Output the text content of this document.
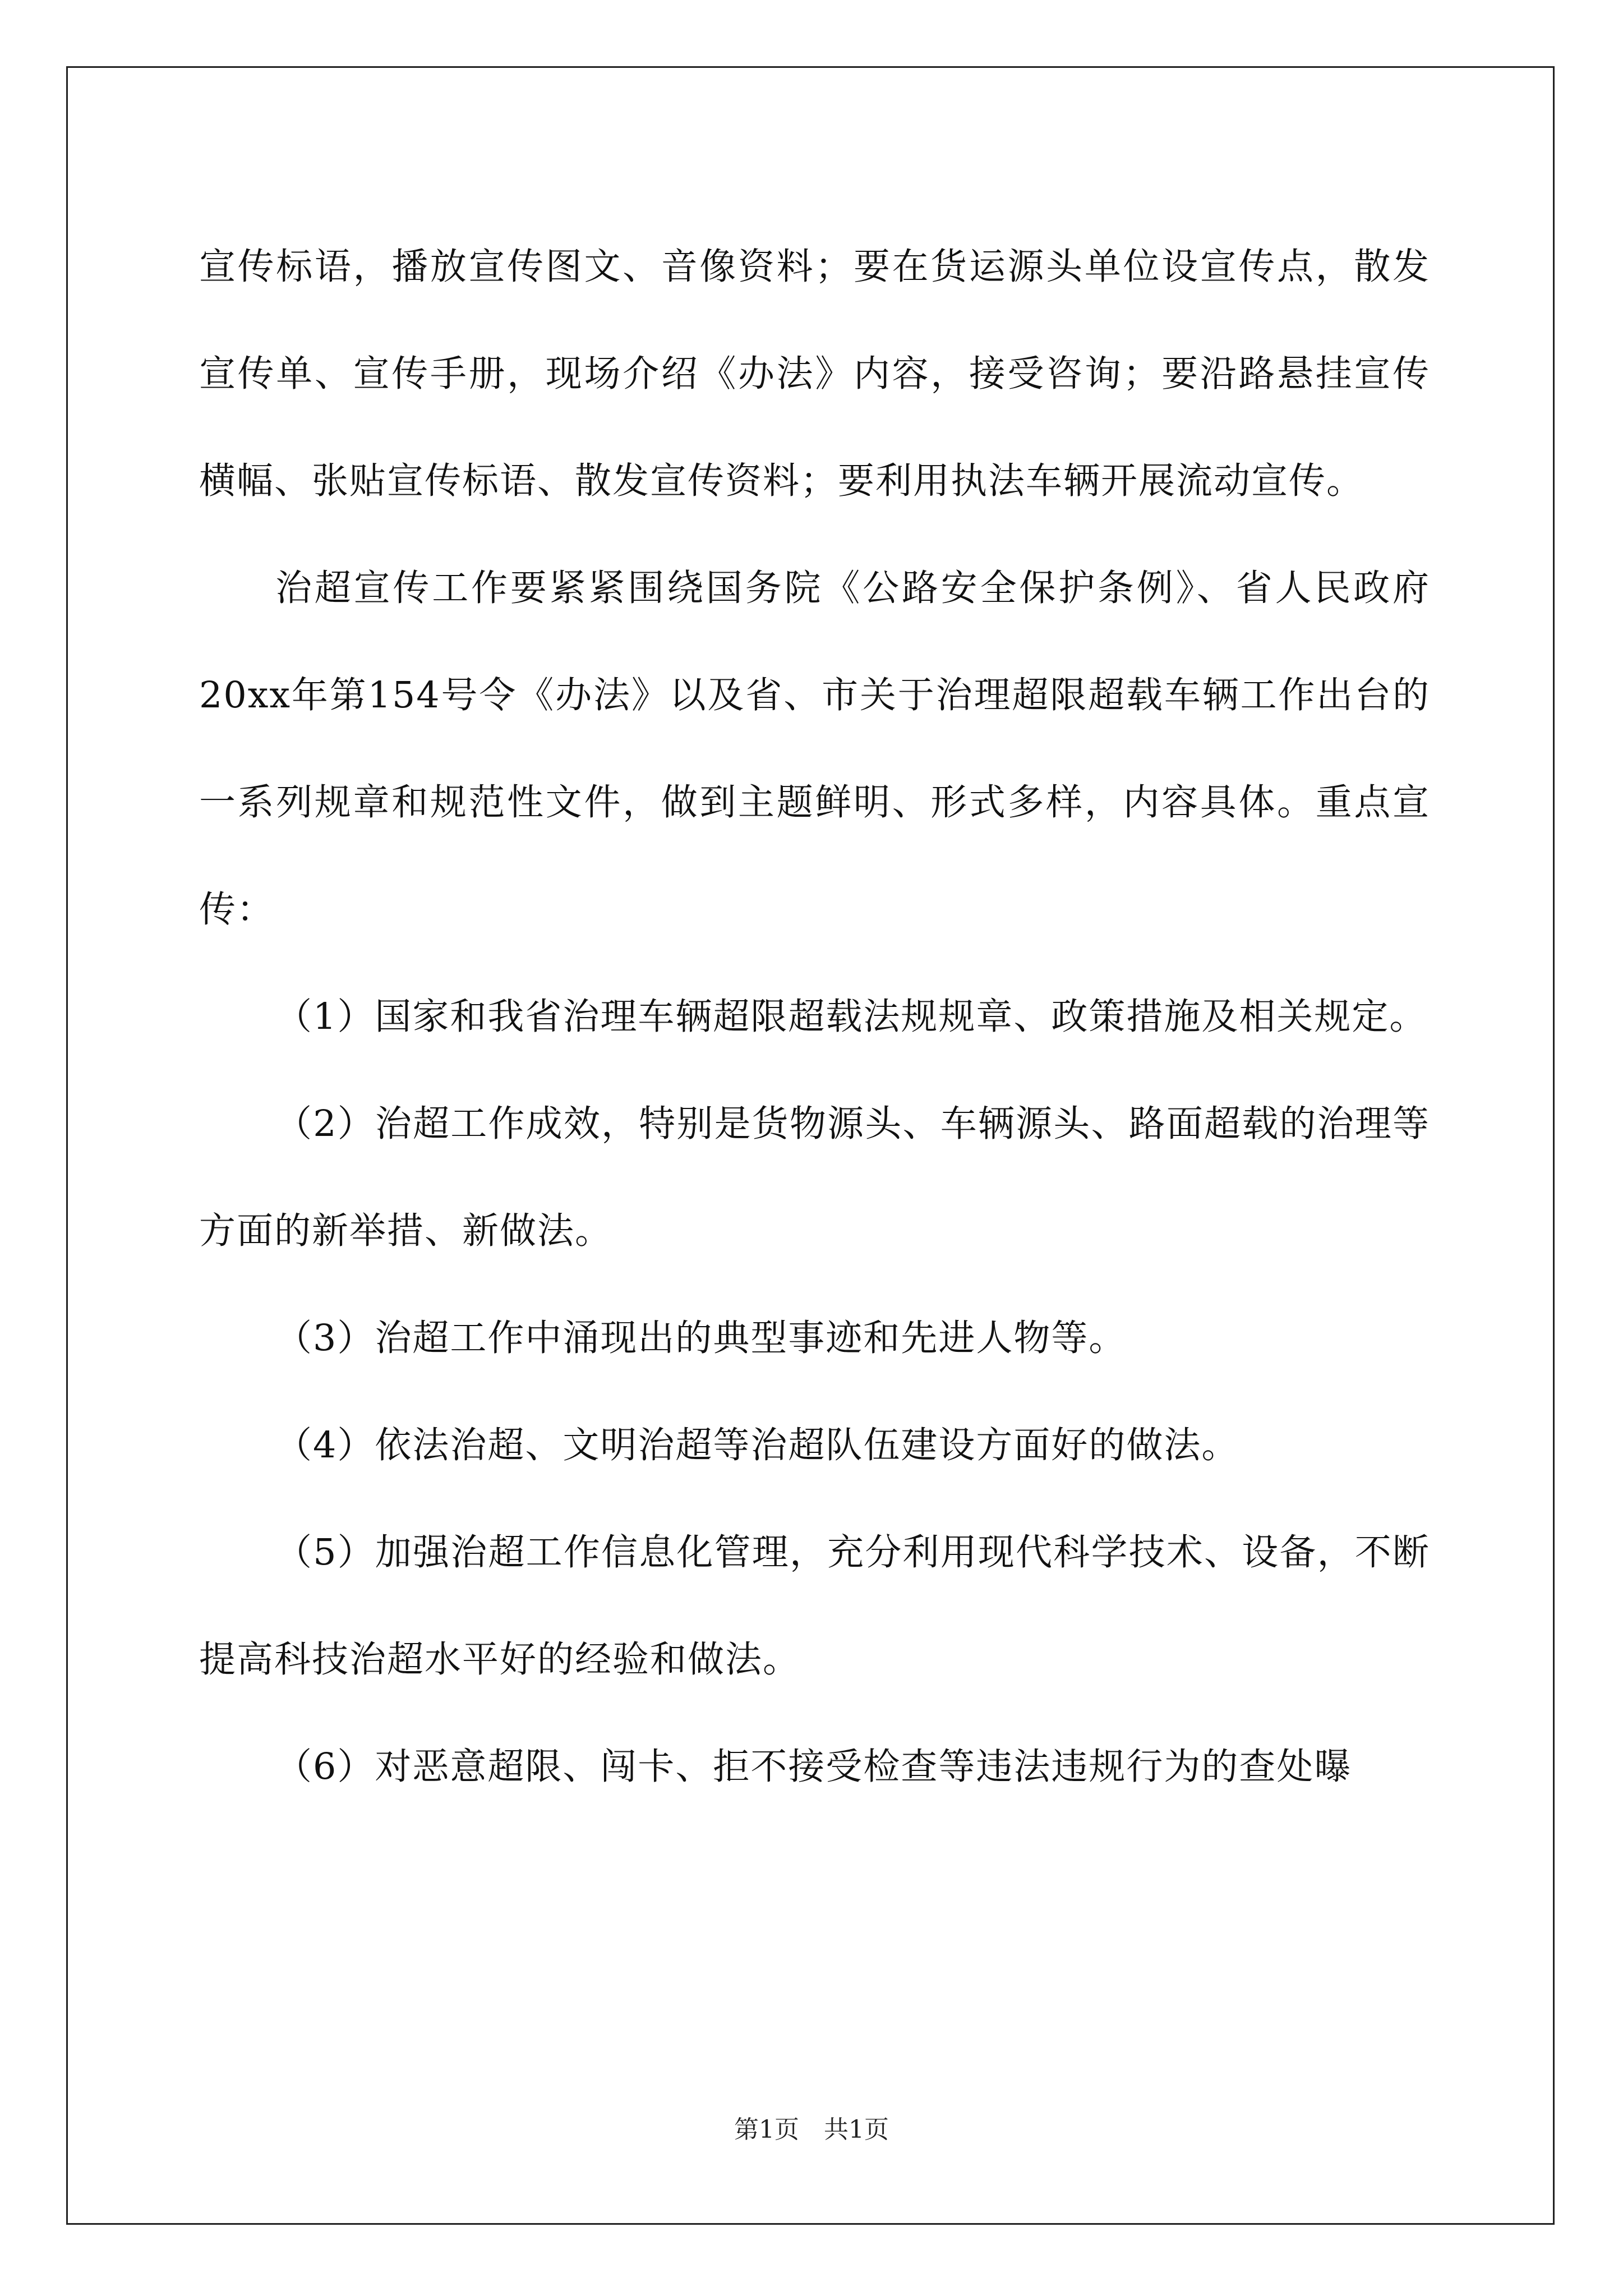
宣传标语，播放宣传图文、音像资料；要在货运源头单位设宣传点，散发宣传单、宣传手册，现场介绍《办法》内容，接受咨询；要沿路悬挂宣传横幅、张贴宣传标语、散发宣传资料；要利用执法车辆开展流动宣传。

治超宣传工作要紧紧围绕国务院《公路安全保护条例》、省人民政府20xx年第154号令《办法》以及省、市关于治理超限超载车辆工作出台的一系列规章和规范性文件，做到主题鲜明、形式多样，内容具体。重点宣传：

（1）国家和我省治理车辆超限超载法规规章、政策措施及相关规定。

（2）治超工作成效，特别是货物源头、车辆源头、路面超载的治理等方面的新举措、新做法。

（3）治超工作中涌现出的典型事迹和先进人物等。

（4）依法治超、文明治超等治超队伍建设方面好的做法。

（5）加强治超工作信息化管理，充分利用现代科学技术、设备，不断提高科技治超水平好的经验和做法。

（6）对恶意超限、闯卡、拒不接受检查等违法违规行为的查处曝

第1页　共1页
